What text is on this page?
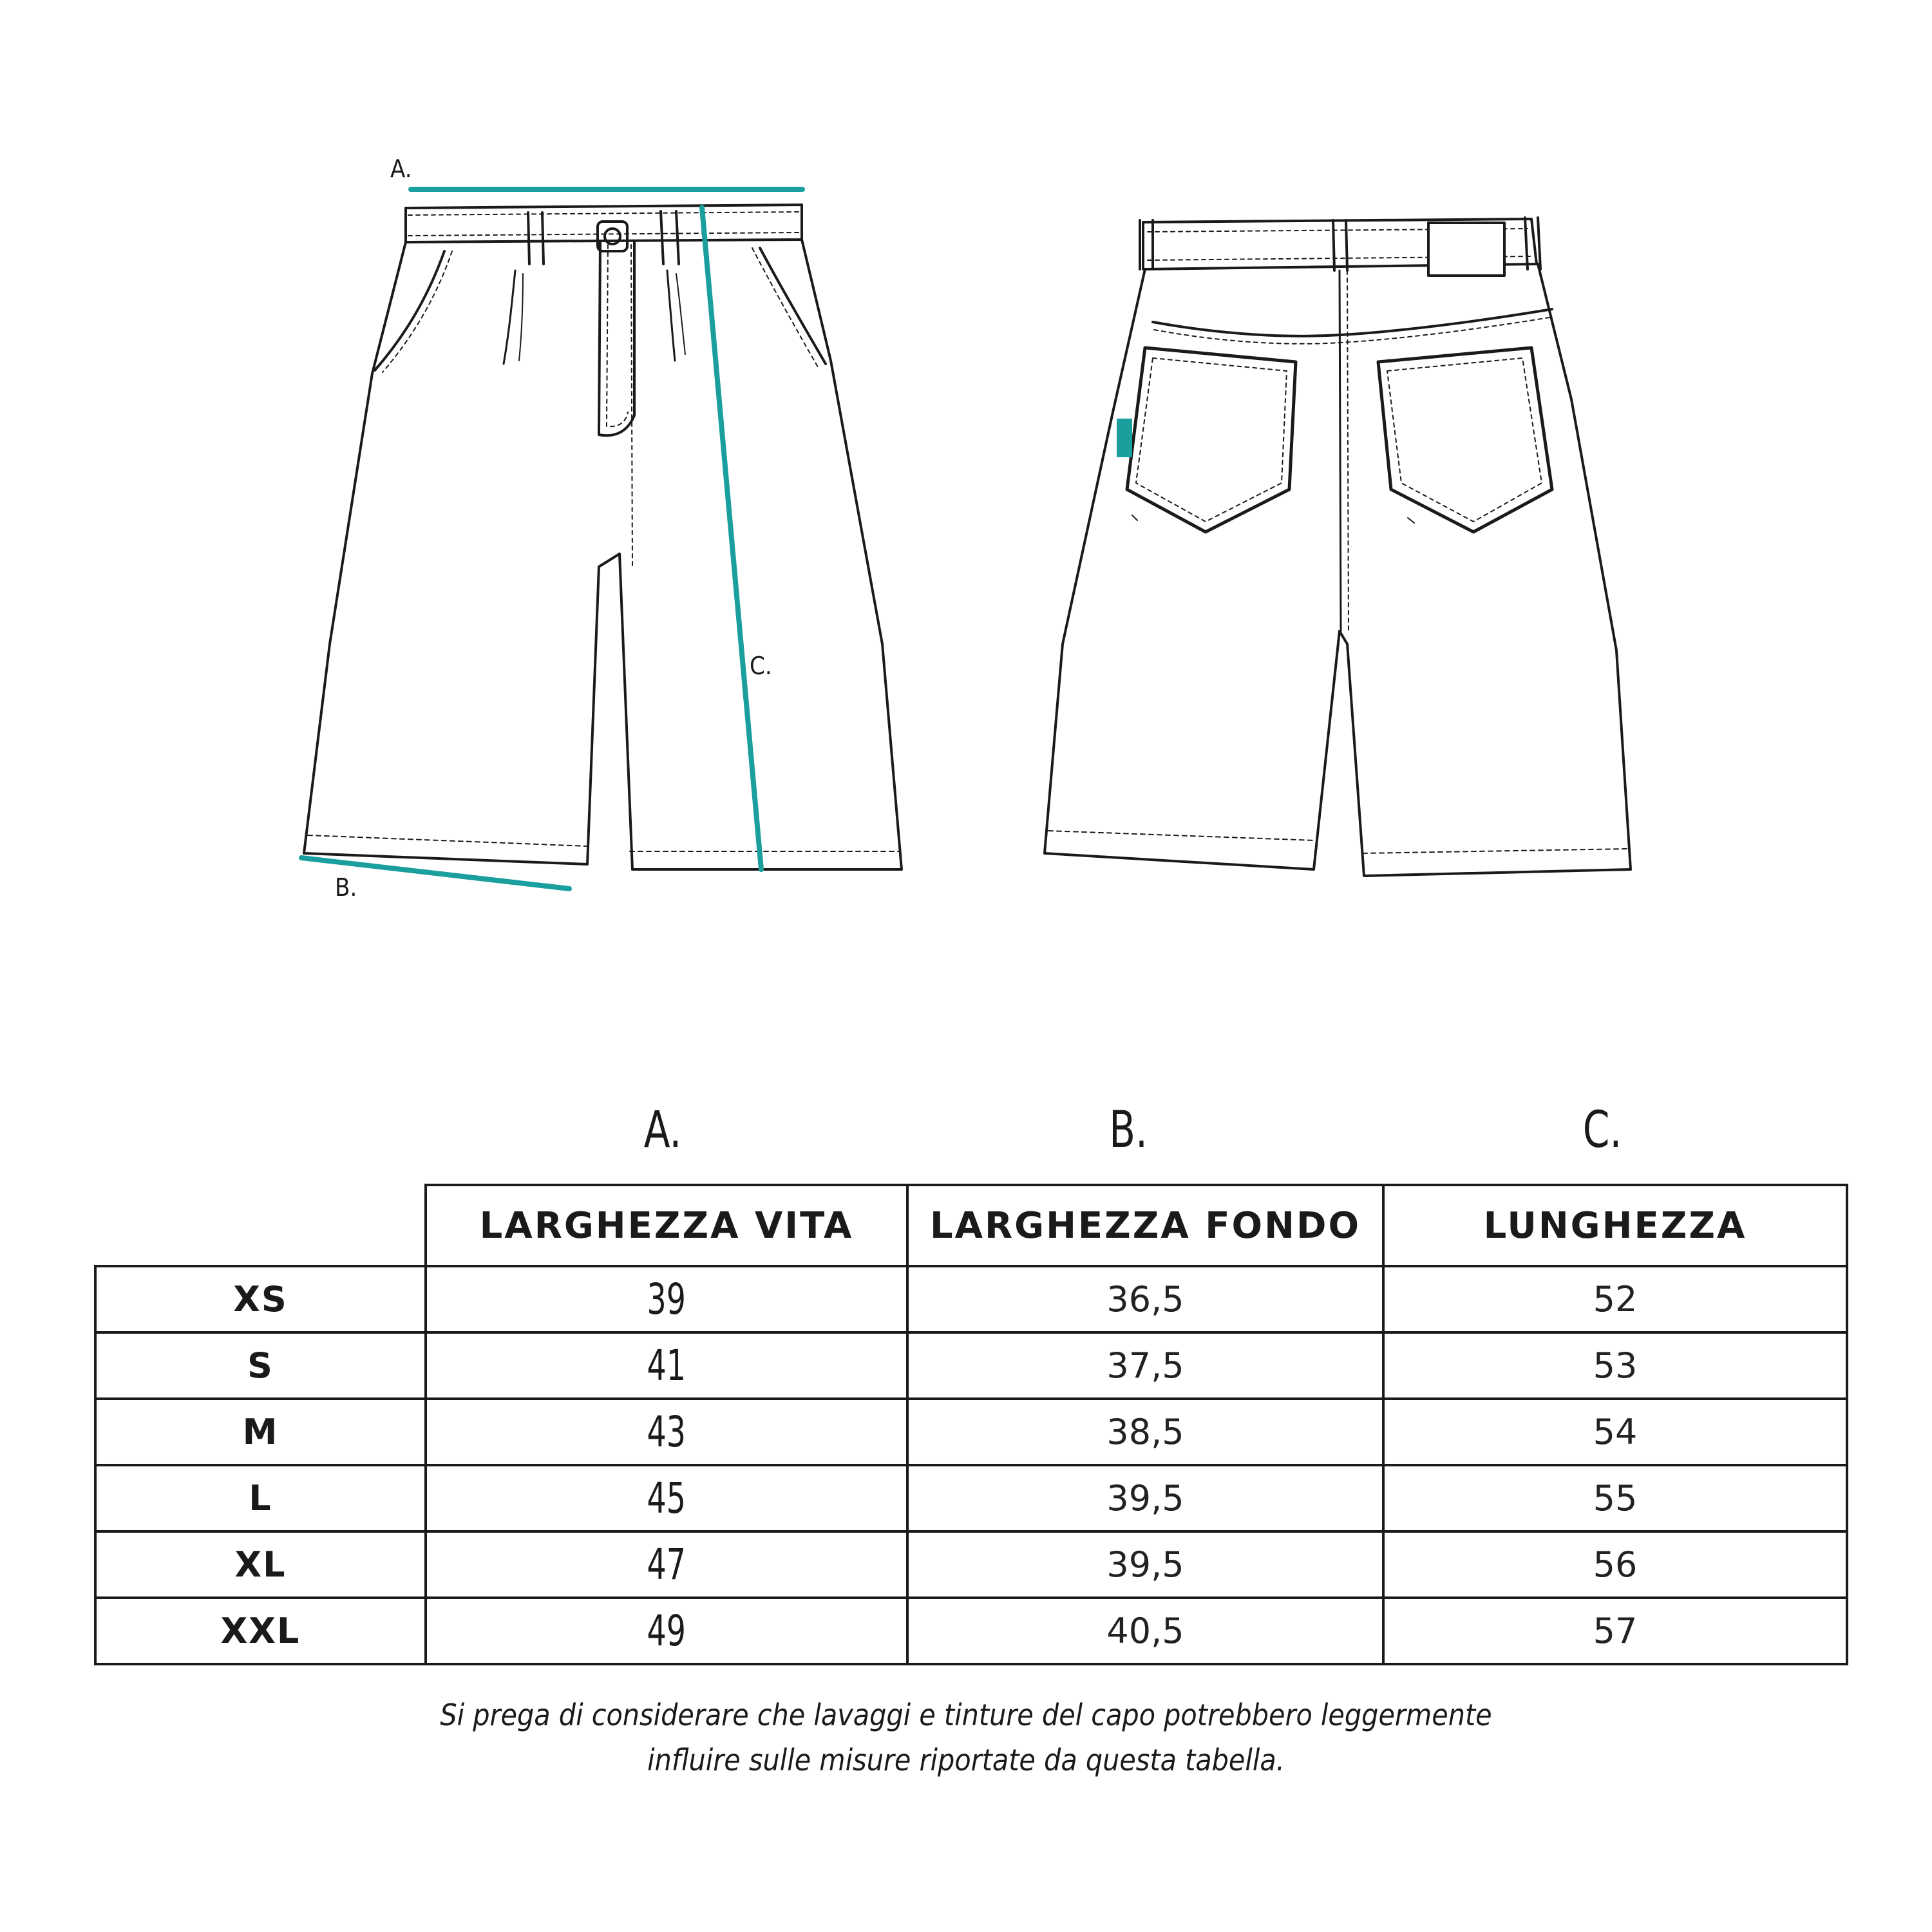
A.
C.
B.
A.	B.	C.
	LARGHEZZA VITA	LARGHEZZA FONDO	LUNGHEZZA
XS	39	36,5	52
S	41	37,5	53
M	43	38,5	54
L	45	39,5	55
XL	47	39,5	56
XXL	49	40,5	57
Si prega di considerare che lavaggi e tinture del capo potrebbero leggermente
influire sulle misure riportate da questa tabella.
